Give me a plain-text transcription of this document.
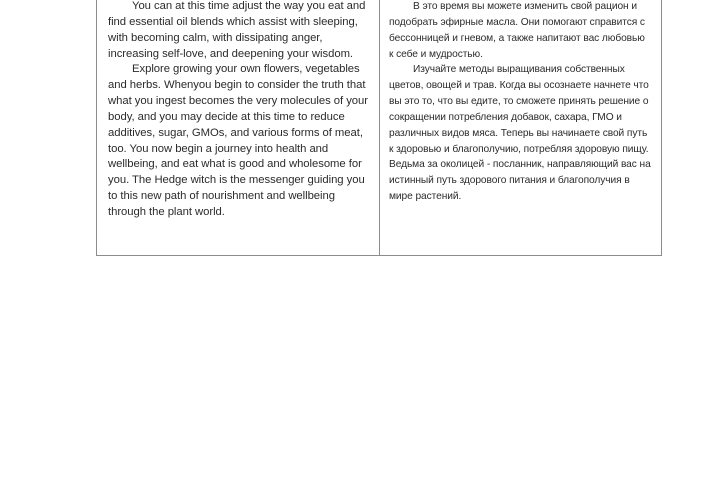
You can at this time adjust the way you eat and find essential oil blends which assist with sleeping, with becoming calm, with dissipating anger, increasing self-love, and deepening your wisdom.

Explore growing your own flowers, vegetables and herbs. Whenyou begin to consider the truth that what you ingest becomes the very molecules of your body, and you may decide at this time to reduce additives, sugar, GMOs, and various forms of meat, too. You now begin a journey into health and wellbeing, and eat what is good and wholesome for you. The Hedge witch is the messenger guiding you to this new path of nourishment and wellbeing through the plant world.

В это время вы можете изменить свой рацион и подобрать эфирные масла. Они помогают справится с бессонницей и гневом, а также напитают вас любовью к себе и мудростью.

Изучайте методы выращивания собственных цветов, овощей и трав. Когда вы осознаете начнете что вы это то, что вы едите, то сможете принять решение о сокращении потребления добавок, сахара, ГМО и различных видов мяса. Теперь вы начинаете свой путь к здоровью и благополучию, потребляя здоровую пищу. Ведьма за околицей - посланник, направляющий вас на истинный путь здорового питания и благополучия в мире растений.
